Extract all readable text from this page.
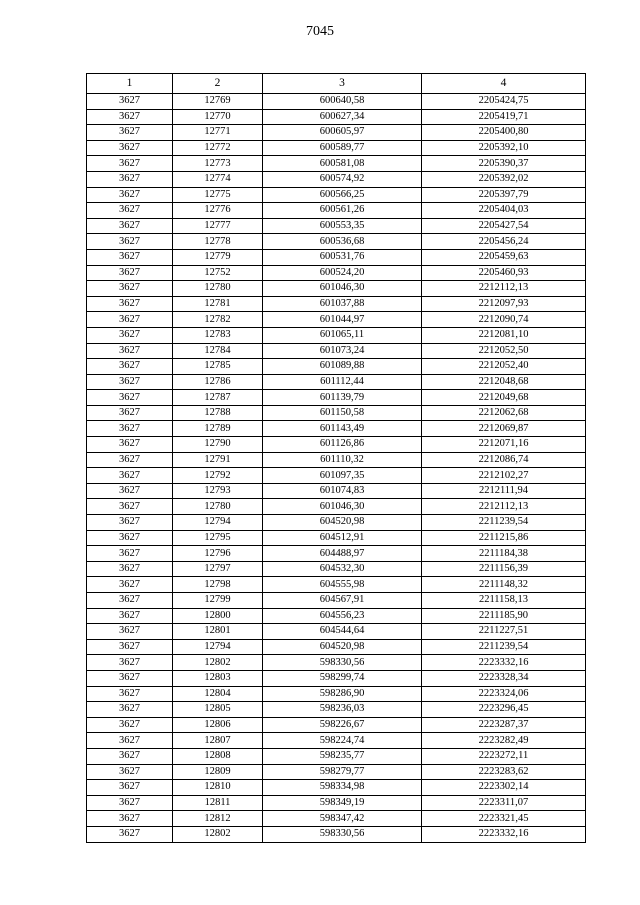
7045
1	2	3	4
3627	12769	600640,58	2205424,75
3627	12770	600627,34	2205419,71
3627	12771	600605,97	2205400,80
3627	12772	600589,77	2205392,10
3627	12773	600581,08	2205390,37
3627	12774	600574,92	2205392,02
3627	12775	600566,25	2205397,79
3627	12776	600561,26	2205404,03
3627	12777	600553,35	2205427,54
3627	12778	600536,68	2205456,24
3627	12779	600531,76	2205459,63
3627	12752	600524,20	2205460,93
3627	12780	601046,30	2212112,13
3627	12781	601037,88	2212097,93
3627	12782	601044,97	2212090,74
3627	12783	601065,11	2212081,10
3627	12784	601073,24	2212052,50
3627	12785	601089,88	2212052,40
3627	12786	601112,44	2212048,68
3627	12787	601139,79	2212049,68
3627	12788	601150,58	2212062,68
3627	12789	601143,49	2212069,87
3627	12790	601126,86	2212071,16
3627	12791	601110,32	2212086,74
3627	12792	601097,35	2212102,27
3627	12793	601074,83	2212111,94
3627	12780	601046,30	2212112,13
3627	12794	604520,98	2211239,54
3627	12795	604512,91	2211215,86
3627	12796	604488,97	2211184,38
3627	12797	604532,30	2211156,39
3627	12798	604555,98	2211148,32
3627	12799	604567,91	2211158,13
3627	12800	604556,23	2211185,90
3627	12801	604544,64	2211227,51
3627	12794	604520,98	2211239,54
3627	12802	598330,56	2223332,16
3627	12803	598299,74	2223328,34
3627	12804	598286,90	2223324,06
3627	12805	598236,03	2223296,45
3627	12806	598226,67	2223287,37
3627	12807	598224,74	2223282,49
3627	12808	598235,77	2223272,11
3627	12809	598279,77	2223283,62
3627	12810	598334,98	2223302,14
3627	12811	598349,19	2223311,07
3627	12812	598347,42	2223321,45
3627	12802	598330,56	2223332,16
